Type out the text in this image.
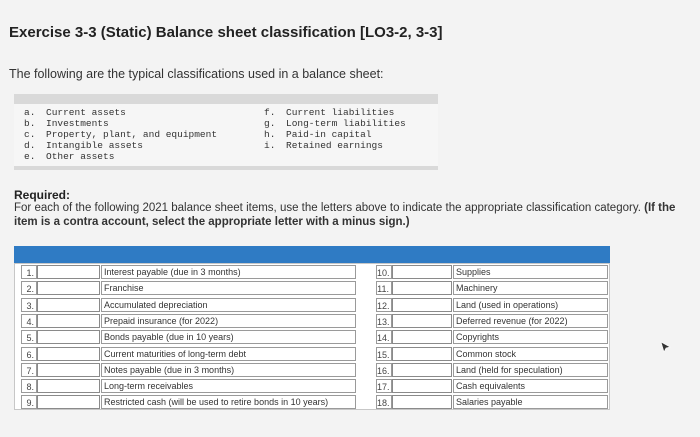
Exercise 3-3 (Static) Balance sheet classification [LO3-2, 3-3]
The following are the typical classifications used in a balance sheet:
a.	Current assets
b.	Investments
c.	Property, plant, and equipment
d.	Intangible assets
e.	Other assets
f.	Current liabilities
g.	Long-term liabilities
h.	Paid-in capital
i.	Retained earnings
Required:
For each of the following 2021 balance sheet items, use the letters above to indicate the appropriate classification category. (If the item is a contra account, select the appropriate letter with a minus sign.)
1.	Interest payable (due in 3 months)	10.	Supplies
2.	Franchise	11.	Machinery
3.	Accumulated depreciation	12.	Land (used in operations)
4.	Prepaid insurance (for 2022)	13.	Deferred revenue (for 2022)
5.	Bonds payable (due in 10 years)	14.	Copyrights
6.	Current maturities of long-term debt	15.	Common stock
7.	Notes payable (due in 3 months)	16.	Land (held for speculation)
8.	Long-term receivables	17.	Cash equivalents
9.	Restricted cash (will be used to retire bonds in 10 years)	18.	Salaries payable
